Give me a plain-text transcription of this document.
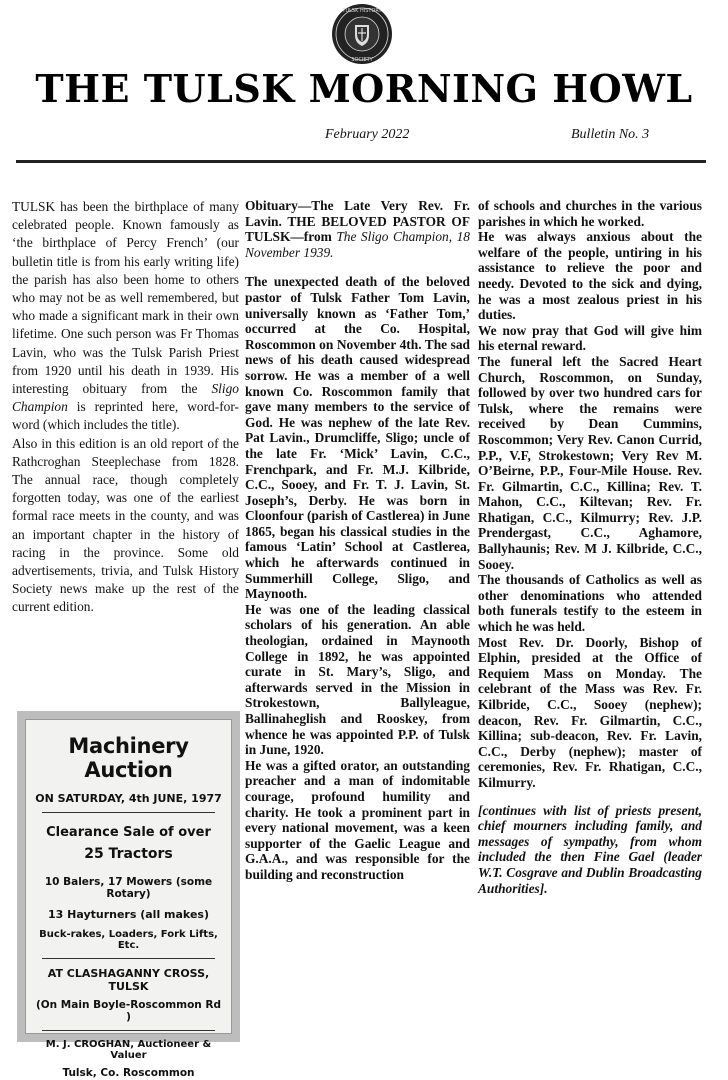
TULSK HISTORY
SOCIETY
THE TULSK MORNING HOWL
February 2022	Bulletin No. 3

TULSK has been the birthplace of many celebrated people. Known famously as ‘the birthplace of Percy French’ (our bulletin title is from his early writing life) the parish has also been home to others who may not be as well remembered, but who made a significant mark in their own lifetime. One such person was Fr Thomas Lavin, who was the Tulsk Parish Priest from 1920 until his death in 1939. His interesting obituary from the Sligo Champion is reprinted here, word-for-word (which includes the title).

Also in this edition is an old report of the Rathcroghan Steeplechase from 1828. The annual race, though completely forgotten today, was one of the earliest formal race meets in the county, and was an important chapter in the history of racing in the province. Some old advertisements, trivia, and Tulsk History Society news make up the rest of the current edition.

Machinery Auction
ON SATURDAY, 4th JUNE, 1977
Clearance Sale of over
25 Tractors
10 Balers, 17 Mowers (some Rotary)
13 Hayturners (all makes)
Buck-rakes, Loaders, Fork Lifts, Etc.
AT CLASHAGANNY CROSS, TULSK
(On Main Boyle-Roscommon Rd )
M. J. CROGHAN, Auctioneer & Valuer
Tulsk, Co. Roscommon

Obituary—The Late Very Rev. Fr. Lavin. THE BELOVED PASTOR OF TULSK—from The Sligo Champion, 18 November 1939.

The unexpected death of the beloved pastor of Tulsk Father Tom Lavin, universally known as ‘Father Tom,’ occurred at the Co. Hospital, Roscommon on November 4th. The sad news of his death caused widespread sorrow. He was a member of a well known Co. Roscommon family that gave many members to the service of God. He was nephew of the late Rev. Pat Lavin., Drumcliffe, Sligo; uncle of the late Fr. ‘Mick’ Lavin, C.C., Frenchpark, and Fr. M.J. Kilbride, C.C., Sooey, and Fr. T. J. Lavin, St. Joseph’s, Derby. He was born in Cloonfour (parish of Castlerea) in June 1865, began his classical studies in the famous ‘Latin’ School at Castlerea, which he afterwards continued in Summerhill College, Sligo, and Maynooth.

He was one of the leading classical scholars of his generation. An able theologian, ordained in Maynooth College in 1892, he was appointed curate in St. Mary’s, Sligo, and afterwards served in the Mission in Strokestown, Ballyleague, Ballinaheglish and Rooskey, from whence he was appointed P.P. of Tulsk in June, 1920.

He was a gifted orator, an outstanding preacher and a man of indomitable courage, profound humility and charity. He took a prominent part in every national movement, was a keen supporter of the Gaelic League and G.A.A., and was responsible for the building and reconstruction

of schools and churches in the various parishes in which he worked.

He was always anxious about the welfare of the people, untiring in his assistance to relieve the poor and needy. Devoted to the sick and dying, he was a most zealous priest in his duties.

We now pray that God will give him his eternal reward.

The funeral left the Sacred Heart Church, Roscommon, on Sunday, followed by over two hundred cars for Tulsk, where the remains were received by Dean Cummins, Roscommon; Very Rev. Canon Currid, P.P., V.F, Strokestown; Very Rev M. O’Beirne, P.P., Four-Mile House. Rev. Fr. Gilmartin, C.C., Killina; Rev. T. Mahon, C.C., Kiltevan; Rev. Fr. Rhatigan, C.C., Kilmurry; Rev. J.P. Prendergast, C.C., Aghamore, Ballyhaunis; Rev. M J. Kilbride, C.C., Sooey.

The thousands of Catholics as well as other denominations who attended both funerals testify to the esteem in which he was held.

Most Rev. Dr. Doorly, Bishop of Elphin, presided at the Office of Requiem Mass on Monday. The celebrant of the Mass was Rev. Fr. Kilbride, C.C., Sooey (nephew); deacon, Rev. Fr. Gilmartin, C.C., Killina; sub-deacon, Rev. Fr. Lavin, C.C., Derby (nephew); master of ceremonies, Rev. Fr. Rhatigan, C.C., Kilmurry.

[continues with list of priests present, chief mourners including family, and messages of sympathy, from whom included the then Fine Gael (leader W.T. Cosgrave and Dublin Broadcasting Authorities].
